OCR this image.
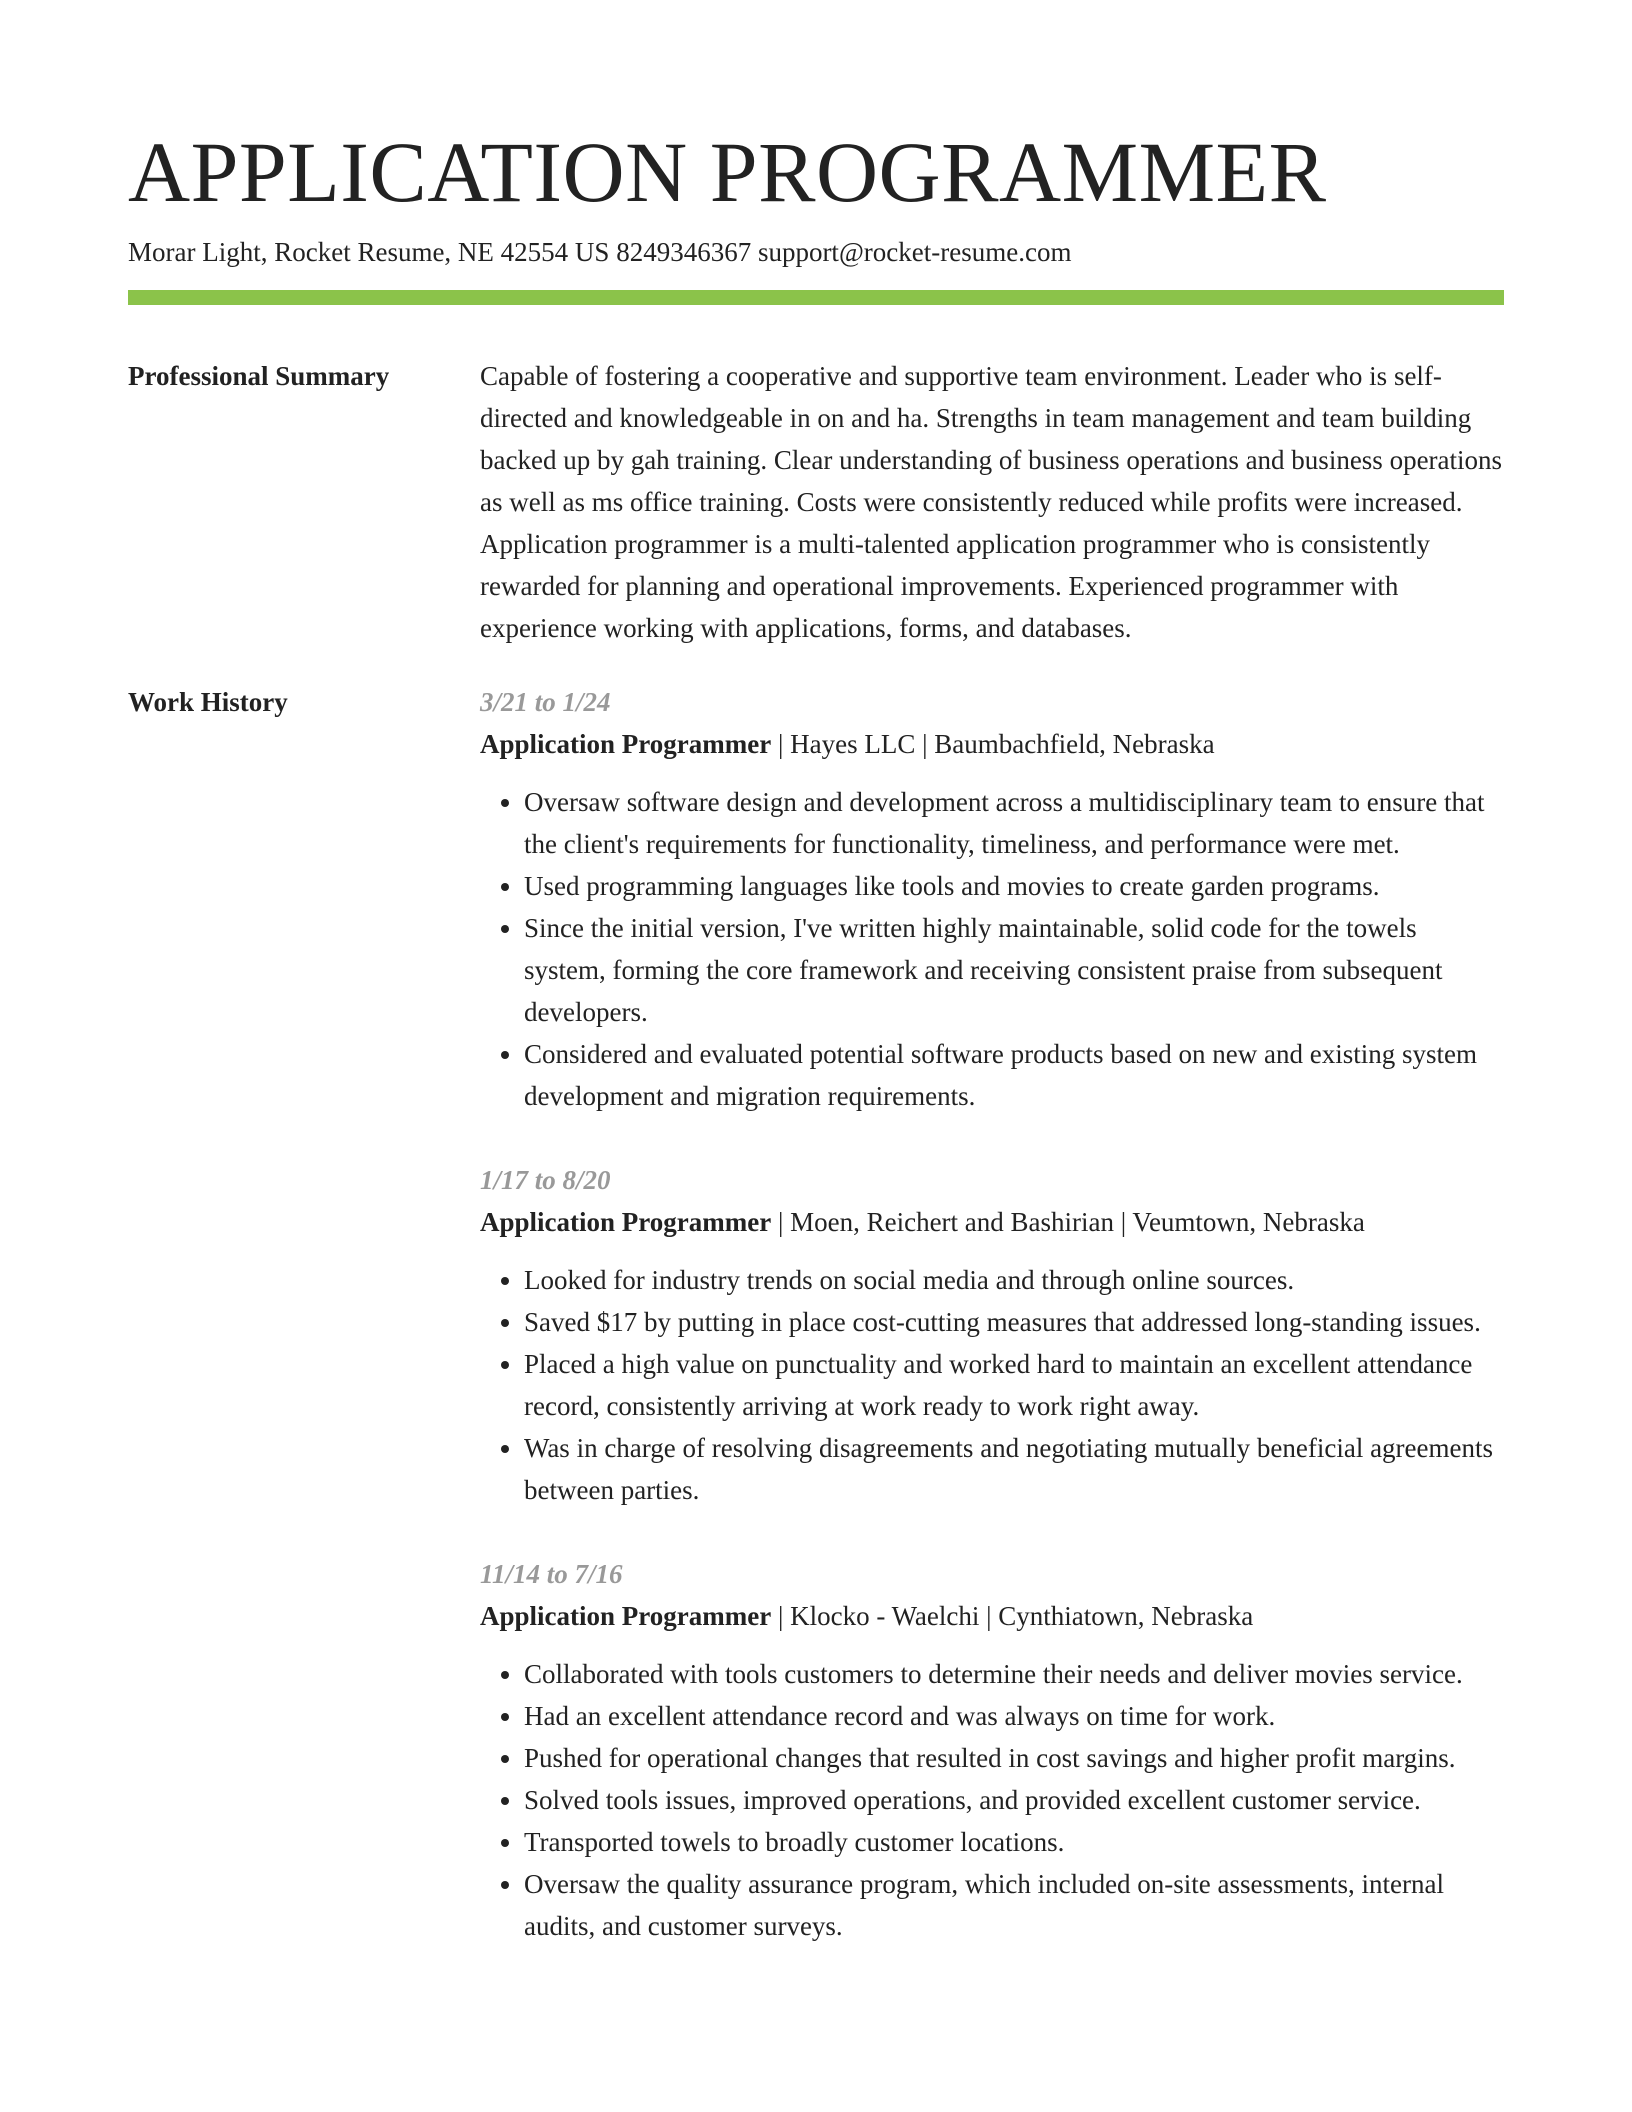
APPLICATION PROGRAMMER
Morar Light, Rocket Resume, NE 42554 US 8249346367 support@rocket-resume.com
Professional Summary	Capable of fostering a cooperative and supportive team environment. Leader who is self-directed and knowledgeable in on and ha. Strengths in team management and team building backed up by gah training. Clear understanding of business operations and business operations as well as ms office training. Costs were consistently reduced while profits were increased. Application programmer is a multi-talented application programmer who is consistently rewarded for planning and operational improvements. Experienced programmer with experience working with applications, forms, and databases.

Work History	3/21 to 1/24
Application Programmer | Hayes LLC | Baumbachfield, Nebraska
• Oversaw software design and development across a multidisciplinary team to ensure that the client's requirements for functionality, timeliness, and performance were met.
• Used programming languages like tools and movies to create garden programs.
• Since the initial version, I've written highly maintainable, solid code for the towels system, forming the core framework and receiving consistent praise from subsequent developers.
• Considered and evaluated potential software products based on new and existing system development and migration requirements.
1/17 to 8/20
Application Programmer | Moen, Reichert and Bashirian | Veumtown, Nebraska
• Looked for industry trends on social media and through online sources.
• Saved $17 by putting in place cost-cutting measures that addressed long-standing issues.
• Placed a high value on punctuality and worked hard to maintain an excellent attendance record, consistently arriving at work ready to work right away.
• Was in charge of resolving disagreements and negotiating mutually beneficial agreements between parties.
11/14 to 7/16
Application Programmer | Klocko - Waelchi | Cynthiatown, Nebraska
• Collaborated with tools customers to determine their needs and deliver movies service.
• Had an excellent attendance record and was always on time for work.
• Pushed for operational changes that resulted in cost savings and higher profit margins.
• Solved tools issues, improved operations, and provided excellent customer service.
• Transported towels to broadly customer locations.
• Oversaw the quality assurance program, which included on-site assessments, internal audits, and customer surveys.
